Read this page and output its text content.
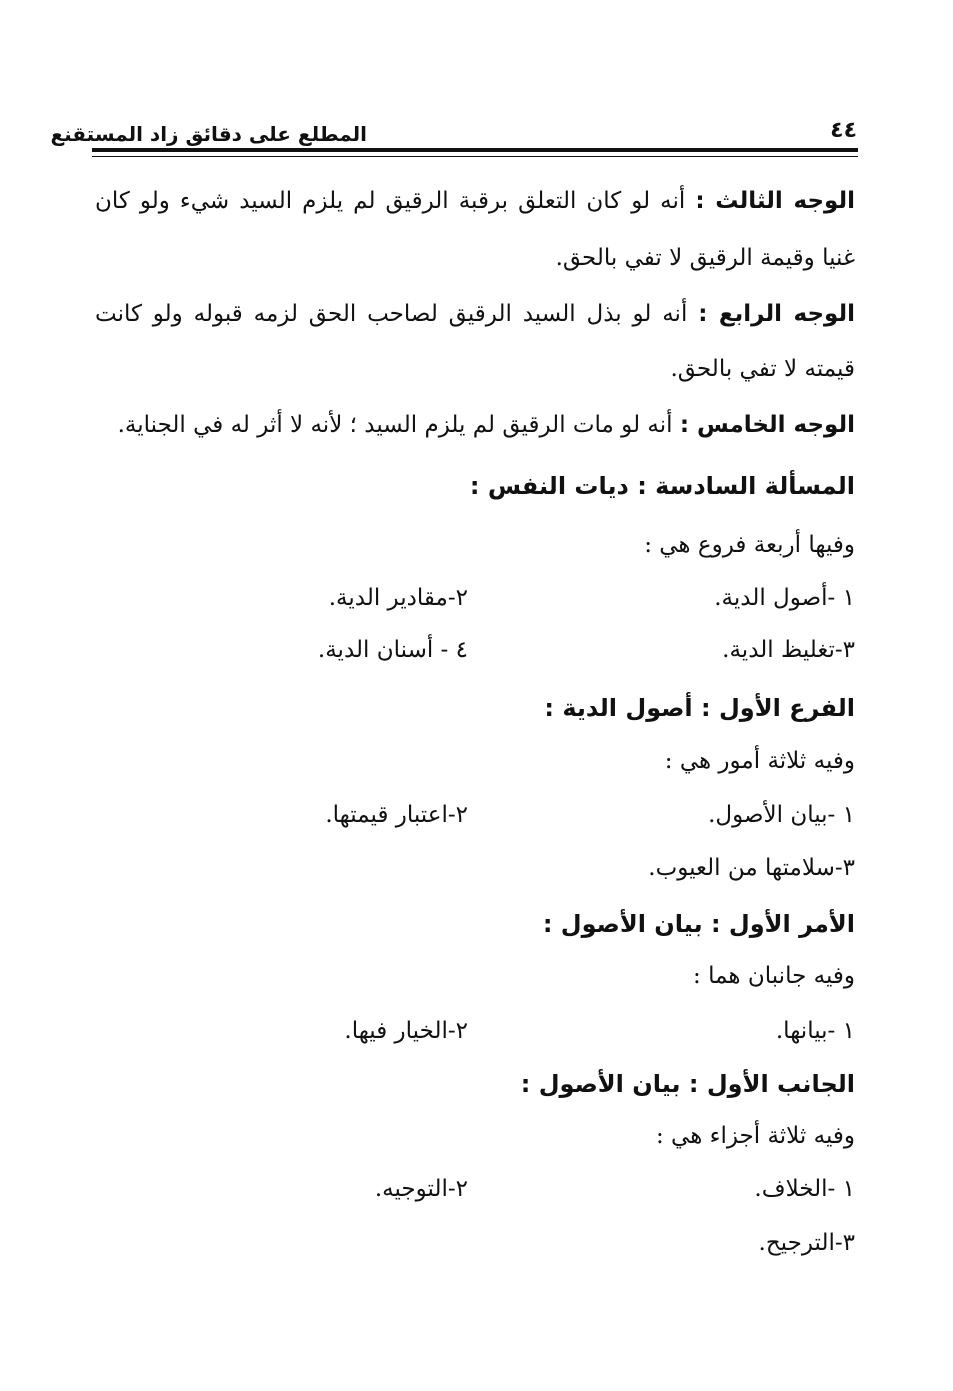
٤٤
المطلع على دقائق زاد المستقنع
الوجه الثالث : أنه لو كان التعلق برقبة الرقيق لم يلزم السيد شيء ولو كان
غنيا وقيمة الرقيق لا تفي بالحق.
الوجه الرابع : أنه لو بذل السيد الرقيق لصاحب الحق لزمه قبوله ولو كانت
قيمته لا تفي بالحق.
الوجه الخامس : أنه لو مات الرقيق لم يلزم السيد ؛ لأنه لا أثر له في الجناية.
المسألة السادسة : ديات النفس :
وفيها أربعة فروع هي :
١ -أصول الدية.
٢-مقادير الدية.
٣-تغليظ الدية.
٤ - أسنان الدية.
الفرع الأول : أصول الدية :
وفيه ثلاثة أمور هي :
١ -بيان الأصول.
٢-اعتبار قيمتها.
٣-سلامتها من العيوب.
الأمر الأول : بيان الأصول :
وفيه جانبان هما :
١ -بيانها.
٢-الخيار فيها.
الجانب الأول : بيان الأصول :
وفيه ثلاثة أجزاء هي :
١ -الخلاف.
٢-التوجيه.
٣-الترجيح.
